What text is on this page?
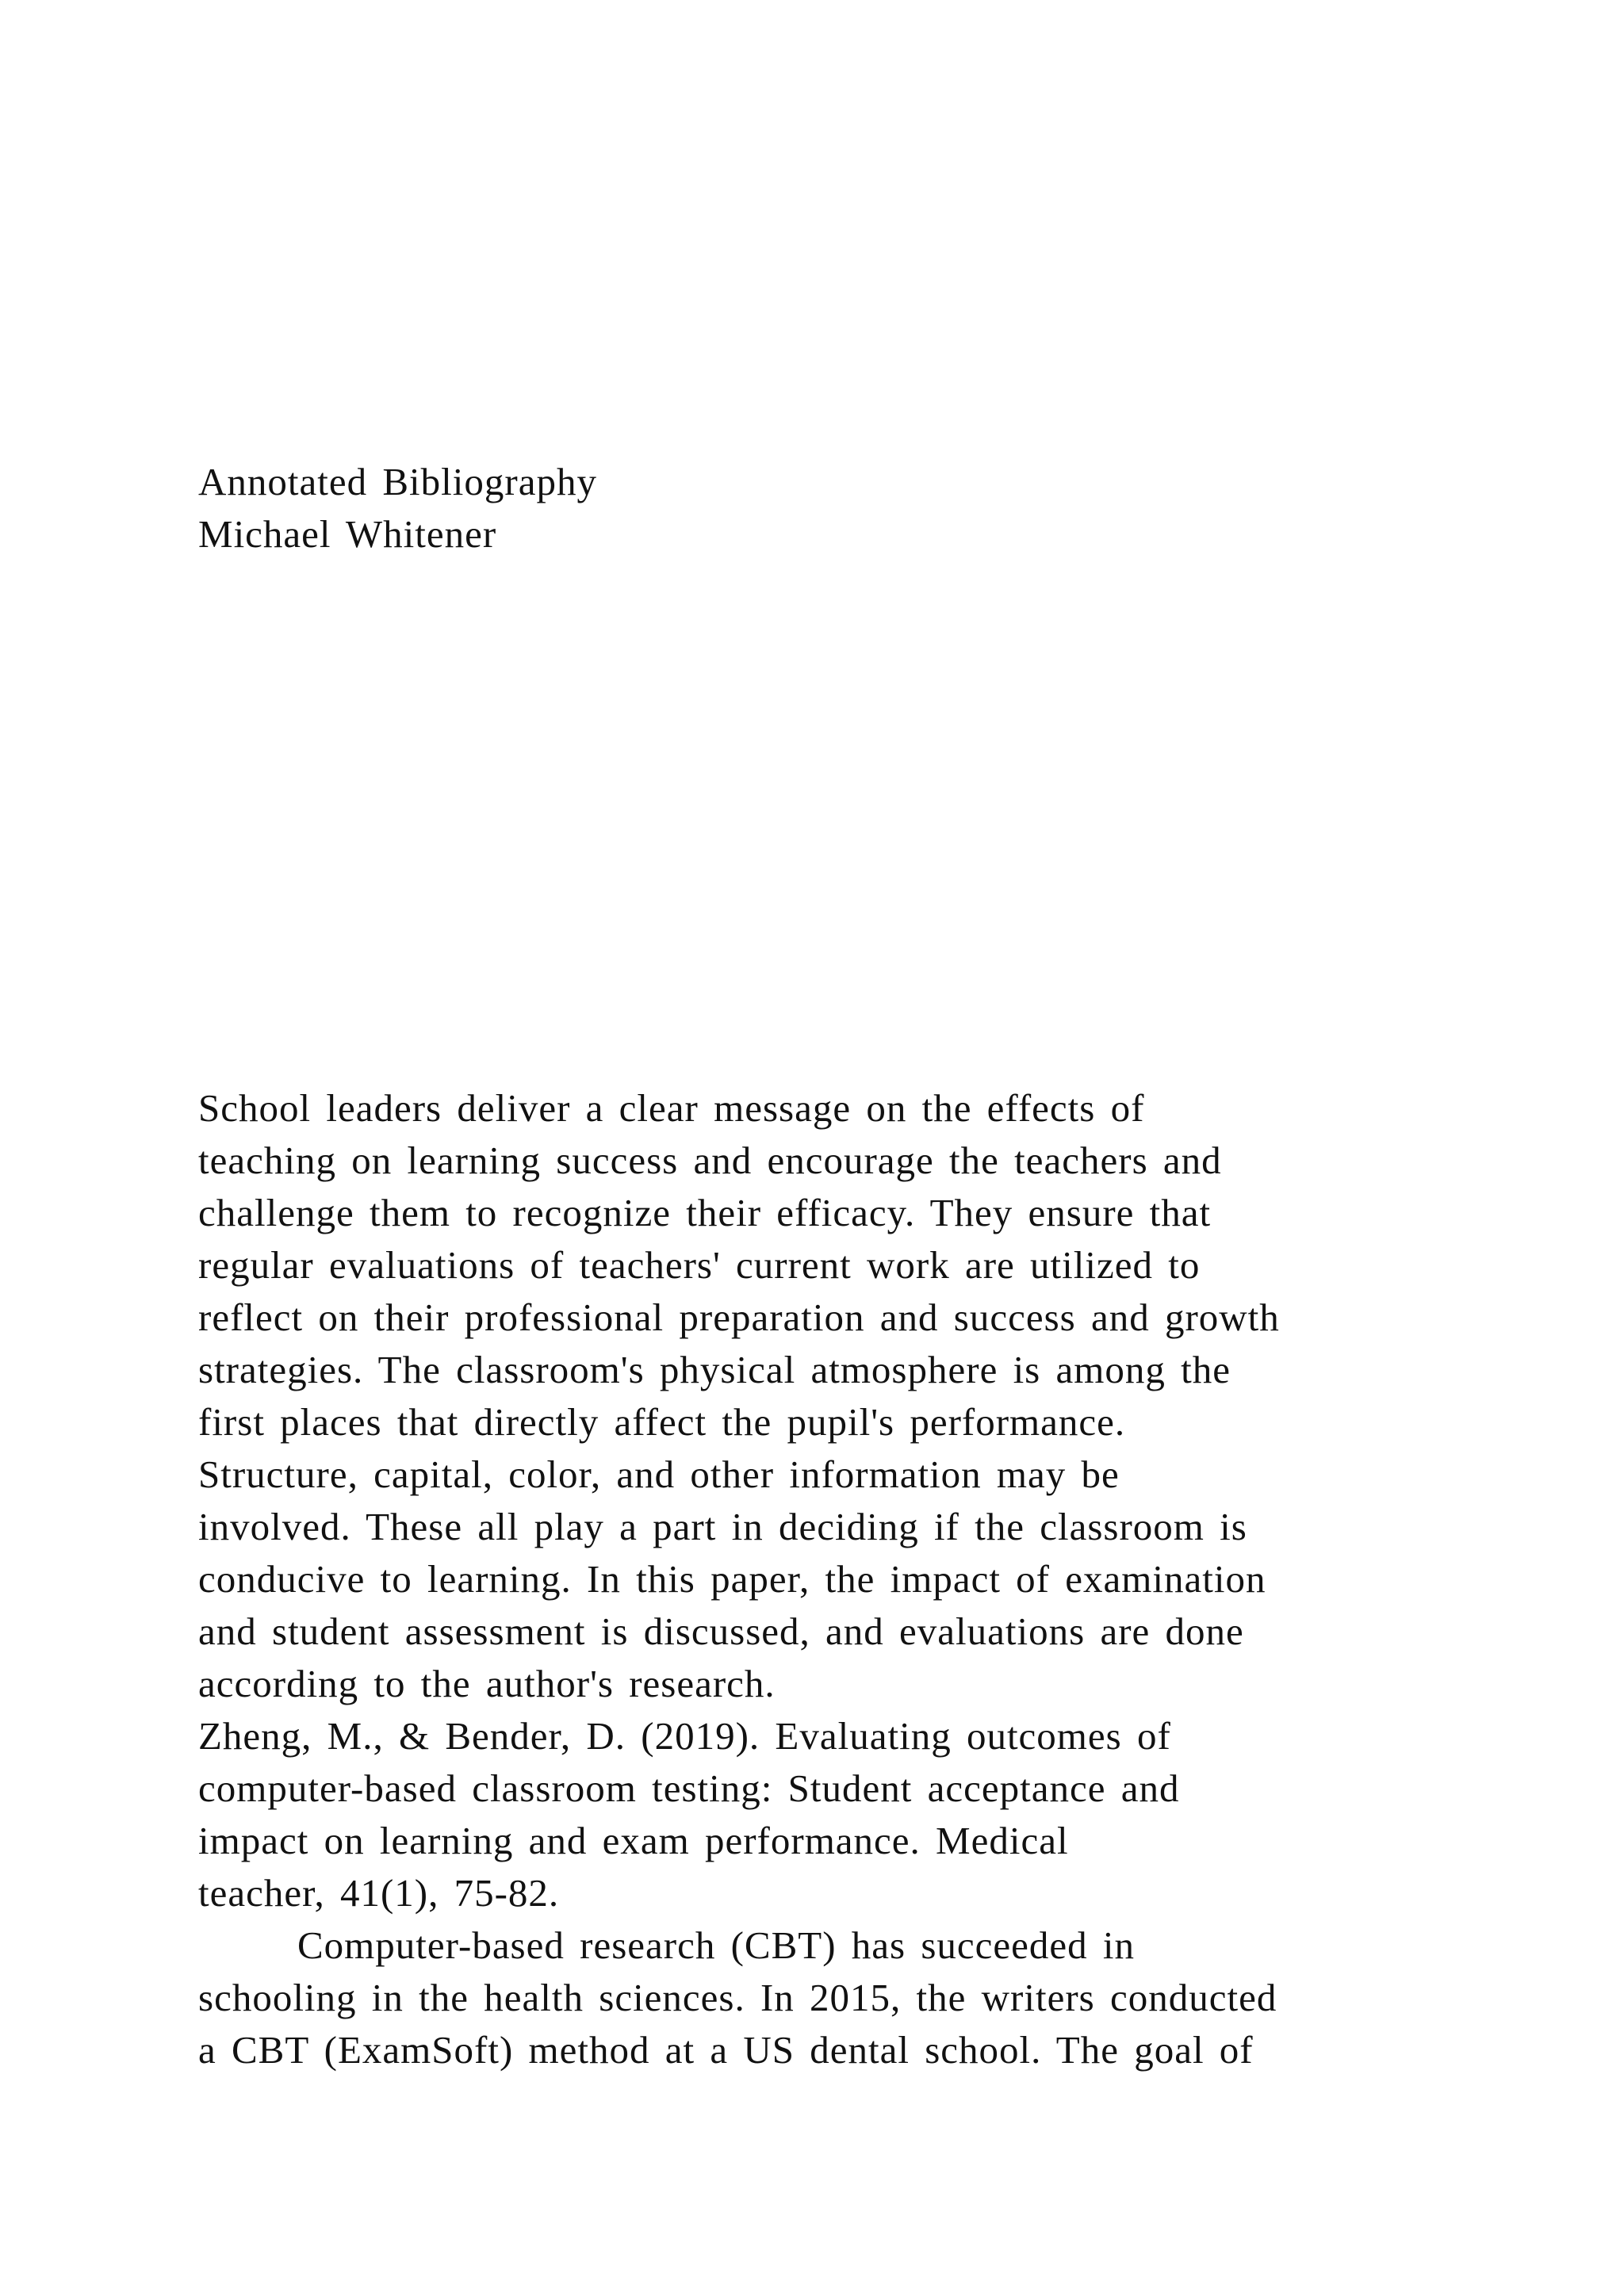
Annotated Bibliography
Michael Whitener
School leaders deliver a clear message on the effects of
teaching on learning success and encourage the teachers and
challenge them to recognize their efficacy. They ensure that
regular evaluations of teachers' current work are utilized to
reflect on their professional preparation and success and growth
strategies. The classroom's physical atmosphere is among the
first places that directly affect the pupil's performance.
Structure, capital, color, and other information may be
involved. These all play a part in deciding if the classroom is
conducive to learning. In this paper, the impact of examination
and student assessment is discussed, and evaluations are done
according to the author's research.
Zheng, M., & Bender, D. (2019). Evaluating outcomes of
computer-based classroom testing: Student acceptance and
impact on learning and exam performance. Medical
teacher, 41(1), 75-82.
Computer-based research (CBT) has succeeded in
schooling in the health sciences. In 2015, the writers conducted
a CBT (ExamSoft) method at a US dental school. The goal of
